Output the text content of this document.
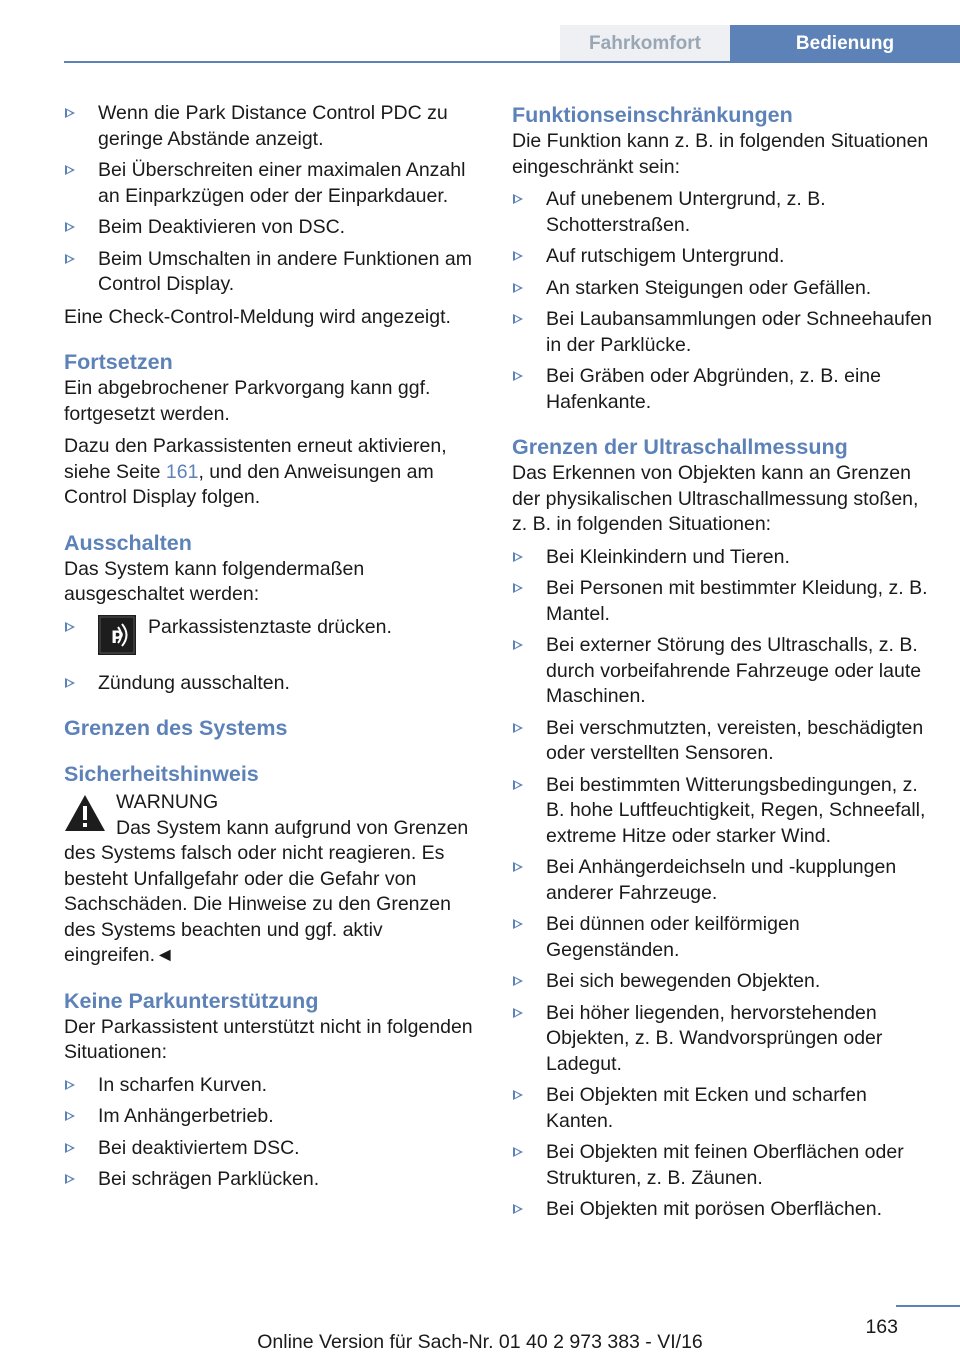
Fahrkomfort	Bedienung
Wenn die Park Distance Control PDC zu geringe Abstände anzeigt.
Bei Überschreiten einer maximalen Anzahl an Einparkzügen oder der Einparkdauer.
Beim Deaktivieren von DSC.
Beim Umschalten in andere Funktionen am Control Display.

Eine Check-Control-Meldung wird angezeigt.

Fortsetzen

Ein abgebrochener Parkvorgang kann ggf. fortgesetzt werden.

Dazu den Parkassistenten erneut aktivieren, siehe Seite 161, und den Anweisungen am Control Display folgen.

Ausschalten

Das System kann folgendermaßen ausgeschaltet werden:

P Parkassistenztaste drücken.
Zündung ausschalten.
Grenzen des Systems
Sicherheitshinweis
WARNUNG
Das System kann aufgrund von Grenzen

des Systems falsch oder nicht reagieren. Es besteht Unfallgefahr oder die Gefahr von Sachschäden. Die Hinweise zu den Grenzen des Systems beachten und ggf. aktiv eingreifen.◄

Keine Parkunterstützung

Der Parkassistent unterstützt nicht in folgenden Situationen:

In scharfen Kurven.
Im Anhängerbetrieb.
Bei deaktiviertem DSC.
Bei schrägen Parklücken.
Funktionseinschränkungen

Die Funktion kann z. B. in folgenden Situationen eingeschränkt sein:

Auf unebenem Untergrund, z. B. Schotterstraßen.
Auf rutschigem Untergrund.
An starken Steigungen oder Gefällen.
Bei Laubansammlungen oder Schneehaufen in der Parklücke.
Bei Gräben oder Abgründen, z. B. eine Hafenkante.
Grenzen der Ultraschallmessung

Das Erkennen von Objekten kann an Grenzen der physikalischen Ultraschallmessung stoßen, z. B. in folgenden Situationen:

Bei Kleinkindern und Tieren.
Bei Personen mit bestimmter Kleidung, z. B. Mantel.
Bei externer Störung des Ultraschalls, z. B. durch vorbeifahrende Fahrzeuge oder laute Maschinen.
Bei verschmutzten, vereisten, beschädigten oder verstellten Sensoren.
Bei bestimmten Witterungsbedingungen, z. B. hohe Luftfeuchtigkeit, Regen, Schneefall, extreme Hitze oder starker Wind.
Bei Anhängerdeichseln und -kupplungen anderer Fahrzeuge.
Bei dünnen oder keilförmigen Gegenständen.
Bei sich bewegenden Objekten.
Bei höher liegenden, hervorstehenden Objekten, z. B. Wandvorsprüngen oder Ladegut.
Bei Objekten mit Ecken und scharfen Kanten.
Bei Objekten mit feinen Oberflächen oder Strukturen, z. B. Zäunen.
Bei Objekten mit porösen Oberflächen.
163
Online Version für Sach-Nr. 01 40 2 973 383 - VI/16
